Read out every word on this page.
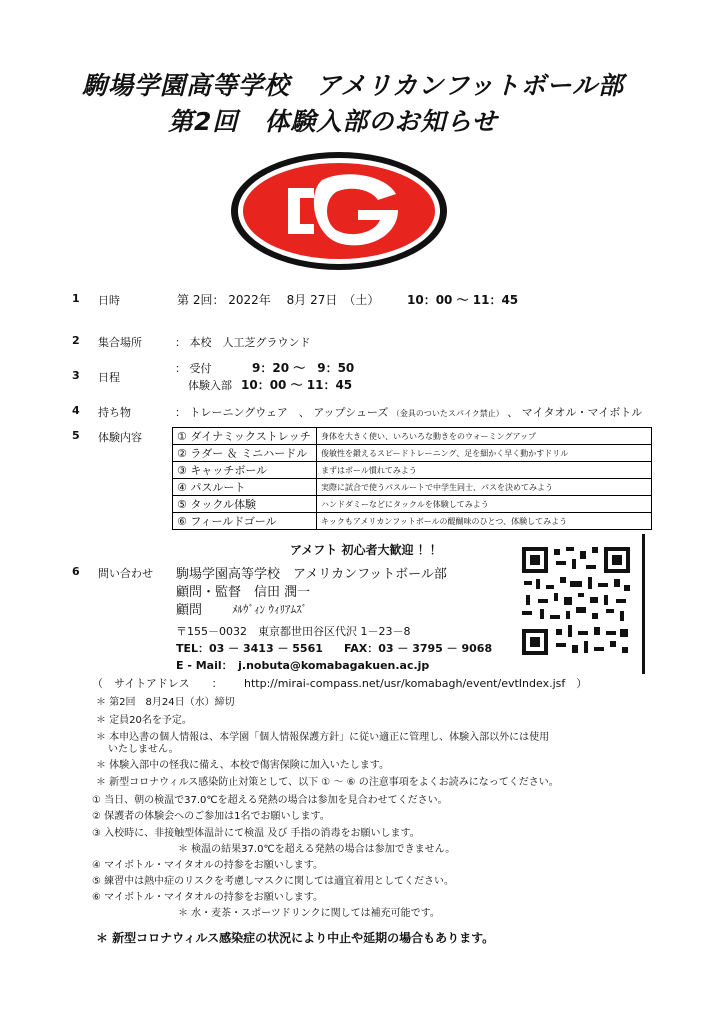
駒場学園高等学校　アメリカンフットボール部
第2回　体験入部のお知らせ
1 日時	第 2回： 2022年　 8月 27日　（土） 10：00 ～ 11：45
2 集合場所	： 本校　人工芝グラウンド
3 日程
： 受付	9：20 ～　9：50
体験入部 10：00 ～ 11：45
4 持ち物	： トレーニングウェア　、 アップシューズ （金具のついたスパイク禁止） 、 マイタオル・マイボトル
5 体験内容	① ダイナミックストレッチ	身体を大きく使い、いろいろな動きをのウォーミングアップ
② ラダー ＆ ミニハードル	俊敏性を鍛えるスピードトレーニング、足を細かく早く動かすドリル
③ キャッチボール	まずはボール慣れてみよう
④ パスルート	実際に試合で使うパスルートで中学生同士、パスを決めてみよう
⑤ タックル体験	ハンドダミーなどにタックルを体験してみよう
⑥ フィールドゴール	キックもアメリカンフットボールの醍醐味のひとつ、体験してみよう
アメフト 初心者大歓迎 ！！
6 問い合わせ 駒場学園高等学校　アメリカンフットボール部
顧問・監督　信田 潤一
顧問	ﾒﾙｳﾞｨﾝ ｳｨﾘｱﾑｽﾞ
〒155－0032　東京都世田谷区代沢 1－23－8
TEL：03 － 3413 － 5561 FAX：03 － 3795 － 9068
E - Mail：　j.nobuta@komabagakuen.ac.jp
（　サイトアドレス　　： http://mirai-compass.net/usr/komabagh/event/evtIndex.jsf　）
＊ 第2回　8月24日（水）締切
＊ 定員20名を予定。
＊ 本申込書の個人情報は、本学園「個人情報保護方針」に従い適正に管理し、体験入部以外には使用
いたしません。
＊ 体験入部中の怪我に備え、本校で傷害保険に加入いたします。
＊ 新型コロナウィルス感染防止対策として、以下 ① ～ ⑥ の注意事項をよくお読みになってください。
① 当日、朝の検温で37.0℃を超える発熱の場合は参加を見合わせてください。
② 保護者の体験会へのご参加は1名でお願いします。
③ 入校時に、非接触型体温計にて検温 及び 手指の消毒をお願いします。
＊ 検温の結果37.0℃を超える発熱の場合は参加できません。
④ マイボトル・マイタオルの持参をお願いします。
⑤ 練習中は熱中症のリスクを考慮しマスクに関しては適宜着用としてください。
⑥ マイボトル・マイタオルの持参をお願いします。
＊ 水・麦茶・スポーツドリンクに関しては補充可能です。
＊ 新型コロナウィルス感染症の状況により中止や延期の場合もあります。
